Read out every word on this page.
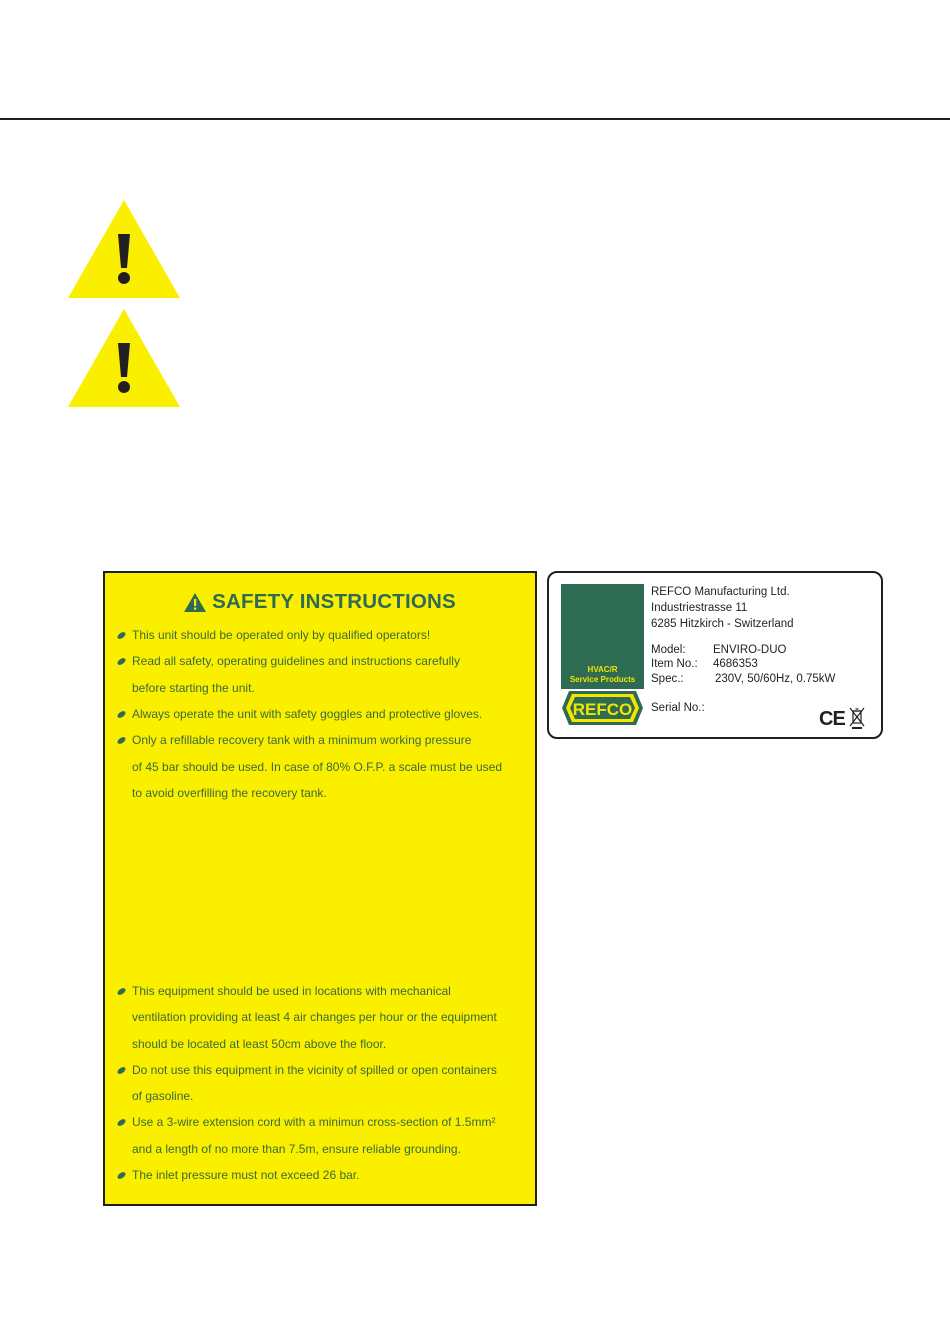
SAFETY INSTRUCTIONS
This unit should be operated only by qualified operators!
Read all safety, operating guidelines and instructions carefully
before starting the unit.
Always operate the unit with safety goggles and protective gloves.
Only a refillable recovery tank with a minimum working pressure
of 45 bar should be used. In case of 80% O.F.P. a scale must be used
to avoid overfilling the recovery tank.
This equipment should be used in locations with mechanical
ventilation providing at least 4 air changes per hour or the equipment
should be located at least 50cm above the floor.
Do not use this equipment in the vicinity of spilled or open containers
of gasoline.
Use a 3-wire extension cord with a minimun cross-section of 1.5mm²
and a length of no more than 7.5m, ensure reliable grounding.
The inlet pressure must not exceed 26 bar.
HVAC/R
Service Products
REFCO
REFCO Manufacturing Ltd.
Industriestrasse 11
6285 Hitzkirch - Switzerland
Model: ENVIRO-DUO
Item No.: 4686353
Spec.:	230V, 50/60Hz, 0.75kW
Serial No.:	CE
